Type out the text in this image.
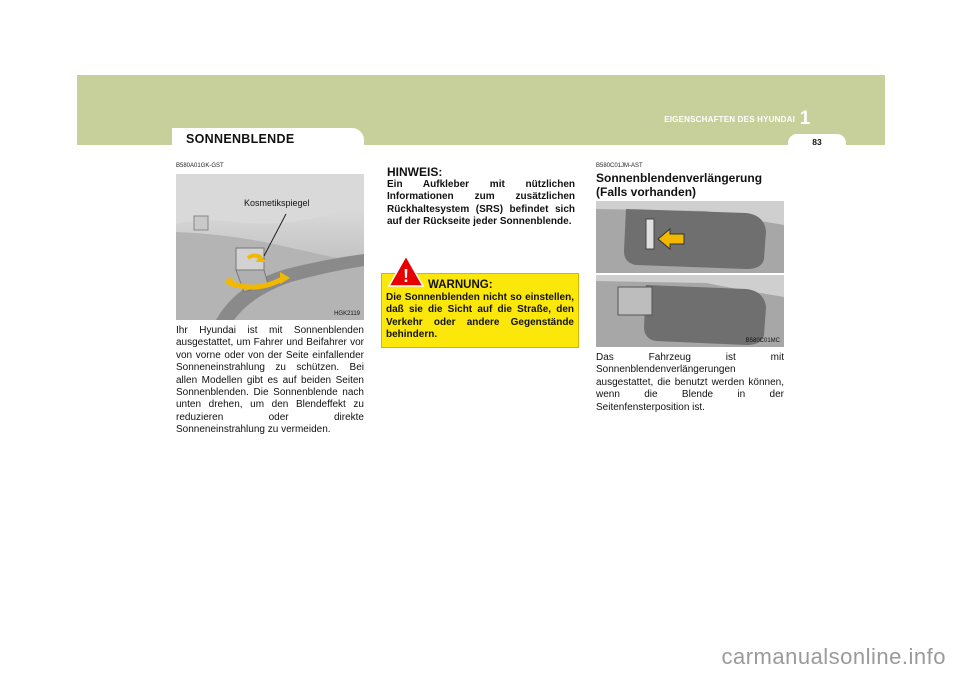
1
EIGENSCHAFTEN DES HYUNDAI
83
SONNENBLENDE
B580A01GK-GST
Kosmetikspiegel
HGK2119
Ihr Hyundai ist mit Sonnenblenden ausgestattet, um Fahrer und Beifahrer vor von vorne oder von der Seite einfallender Sonneneinstrahlung zu schützen. Bei allen Modellen gibt es auf beiden Seiten Sonnenblenden. Die Sonnenblende nach unten drehen, um den Blendeffekt zu reduzieren oder direkte Sonneneinstrahlung zu vermeiden.
HINWEIS:
Ein Aufkleber mit nützlichen Informationen zum zusätzlichen Rückhaltesystem (SRS) befindet sich auf der Rückseite jeder Sonnenblende.
! WARNUNG:
Die Sonnenblenden nicht so einstellen, daß sie die Sicht auf die Straße, den Verkehr oder andere Gegenstände behindern.
B580C01JM-AST
Sonnenblendenverlängerung (Falls vorhanden)
B580C01MC
Das Fahrzeug ist mit Sonnenblendenverlängerungen ausgestattet, die benutzt werden können, wenn die Blende in der Seitenfensterposition ist.
carmanualsonline.info
